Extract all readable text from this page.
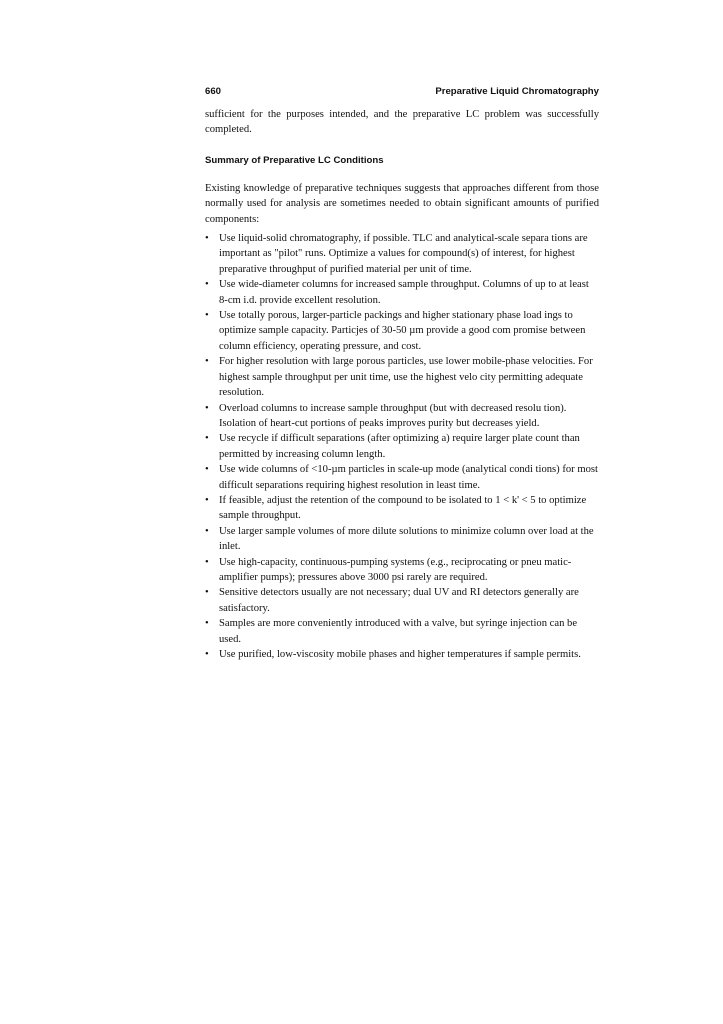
660	Preparative Liquid Chromatography

sufficient for the purposes intended, and the preparative LC problem was successfully completed.

Summary of Preparative LC Conditions

Existing knowledge of preparative techniques suggests that approaches different from those normally used for analysis are sometimes needed to obtain significant amounts of purified components:

• Use liquid-solid chromatography, if possible. TLC and analytical-scale separa tions are important as "pilot" runs. Optimize a values for compound(s) of interest, for highest preparative throughput of purified material per unit of time.
• Use wide-diameter columns for increased sample throughput. Columns of up to at least 8-cm i.d. provide excellent resolution.
• Use totally porous, larger-particle packings and higher stationary phase load ings to optimize sample capacity. Particjes of 30-50 µm provide a good com promise between column efficiency, operating pressure, and cost.
• For higher resolution with large porous particles, use lower mobile-phase velocities. For highest sample throughput per unit time, use the highest velo city permitting adequate resolution.
• Overload columns to increase sample throughput (but with decreased resolu tion). Isolation of heart-cut portions of peaks improves purity but decreases yield.
• Use recycle if difficult separations (after optimizing a) require larger plate count than permitted by increasing column length.
• Use wide columns of <10-µm particles in scale-up mode (analytical condi tions) for most difficult separations requiring highest resolution in least time.
• If feasible, adjust the retention of the compound to be isolated to 1 < k' < 5 to optimize sample throughput.
• Use larger sample volumes of more dilute solutions to minimize column over load at the inlet.
• Use high-capacity, continuous-pumping systems (e.g., reciprocating or pneu matic-amplifier pumps); pressures above 3000 psi rarely are required.
• Sensitive detectors usually are not necessary; dual UV and RI detectors generally are satisfactory.
• Samples are more conveniently introduced with a valve, but syringe injection can be used.
• Use purified, low-viscosity mobile phases and higher temperatures if sample permits.
